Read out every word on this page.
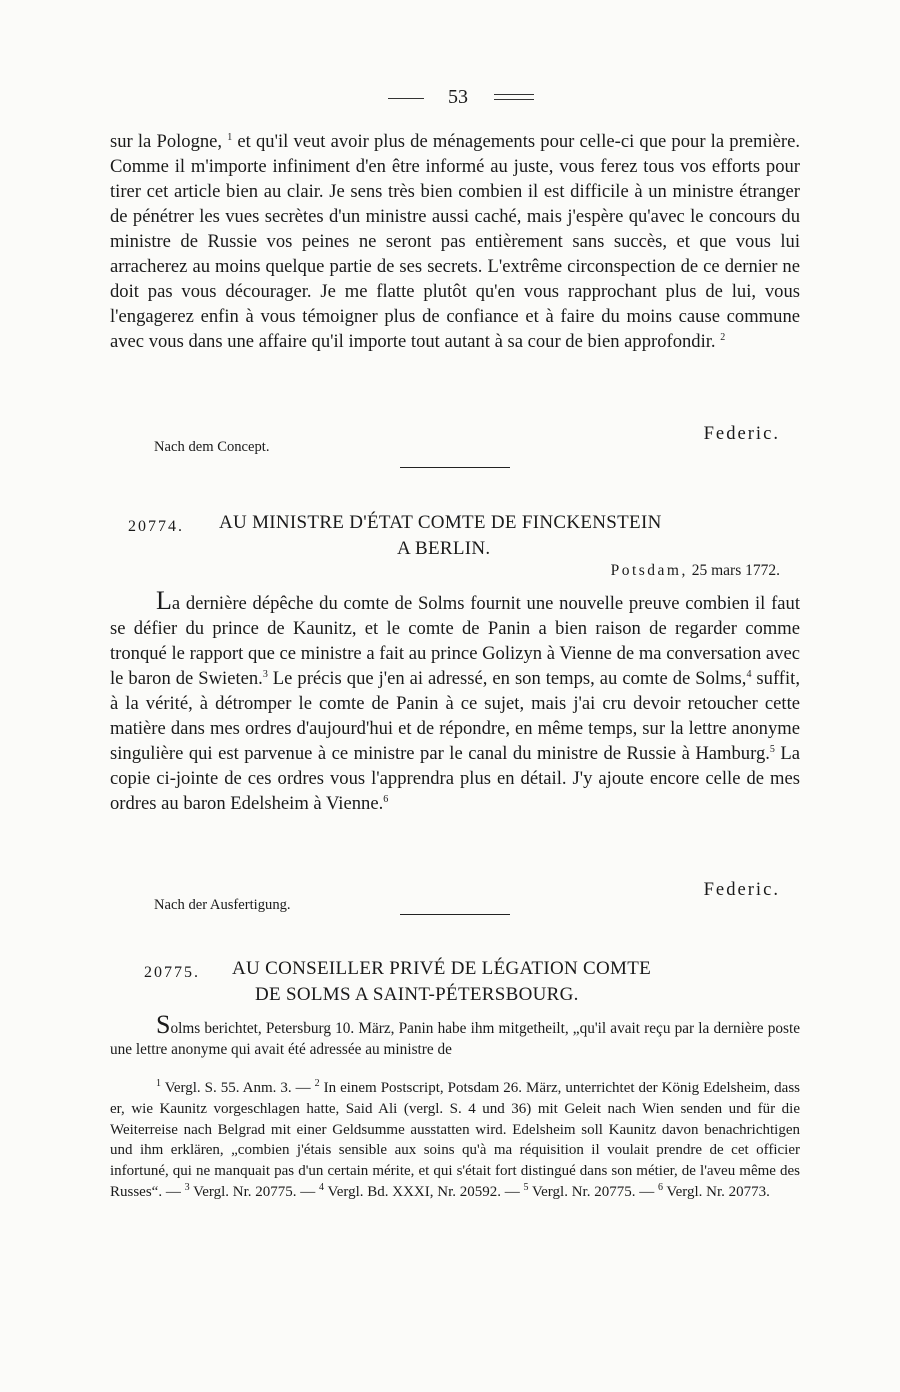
53

sur la Pologne, $^1$ et qu'il veut avoir plus de ménagements pour celle-ci que pour la première. Comme il m'importe infiniment d'en être informé au juste, vous ferez tous vos efforts pour tirer cet article bien au clair. Je sens très bien combien il est difficile à un ministre étranger de pénétrer les vues secrètes d'un ministre aussi caché, mais j'espère qu'avec le concours du ministre de Russie vos peines ne seront pas entièrement sans succès, et que vous lui arracherez au moins quelque partie de ses secrets. L'extrême circonspection de ce dernier ne doit pas vous décourager. Je me flatte plutôt qu'en vous rapprochant plus de lui, vous l'engagerez enfin à vous témoigner plus de confiance et à faire du moins cause commune avec vous dans une affaire qu'il importe tout autant à sa cour de bien approfondir. $^2$

Federic.
Nach dem Concept.
20774. AU MINISTRE D'ÉTAT COMTE DE FINCKENSTEIN
A BERLIN.
Potsdam, 25 mars 1772.

La dernière dépêche du comte de Solms fournit une nouvelle preuve combien il faut se défier du prince de Kaunitz, et le comte de Panin a bien raison de regarder comme tronqué le rapport que ce ministre a fait au prince Golizyn à Vienne de ma conversation avec le baron de Swieten.$^3$ Le précis que j'en ai adressé, en son temps, au comte de Solms,$^4$ suffit, à la vérité, à détromper le comte de Panin à ce sujet, mais j'ai cru devoir retoucher cette matière dans mes ordres d'aujourd'hui et de répondre, en même temps, sur la lettre anonyme singulière qui est parvenue à ce ministre par le canal du ministre de Russie à Hamburg.$^5$ La copie ci-jointe de ces ordres vous l'apprendra plus en détail. J'y ajoute encore celle de mes ordres au baron Edelsheim à Vienne.$^6$

Federic.
Nach der Ausfertigung.
20775. AU CONSEILLER PRIVÉ DE LÉGATION COMTE
DE SOLMS A SAINT-PÉTERSBOURG.

Solms berichtet, Petersburg 10. März, Panin habe ihm mitgetheilt, „qu'il avait reçu par la dernière poste une lettre anonyme qui avait été adressée au ministre de

$^1$ Vergl. S. 55. Anm. 3. — $^2$ In einem Postscript, Potsdam 26. März, unterrichtet der König Edelsheim, dass er, wie Kaunitz vorgeschlagen hatte, Said Ali (vergl. S. 4 und 36) mit Geleit nach Wien senden und für die Weiterreise nach Belgrad mit einer Geldsumme ausstatten wird. Edelsheim soll Kaunitz davon benachrichtigen und ihm erklären, „combien j'étais sensible aux soins qu'à ma réquisition il voulait prendre de cet officier infortuné, qui ne manquait pas d'un certain mérite, et qui s'était fort distingué dans son métier, de l'aveu même des Russes“. — $^3$ Vergl. Nr. 20775. — $^4$ Vergl. Bd. XXXI, Nr. 20592. — $^5$ Vergl. Nr. 20775. — $^6$ Vergl. Nr. 20773.
